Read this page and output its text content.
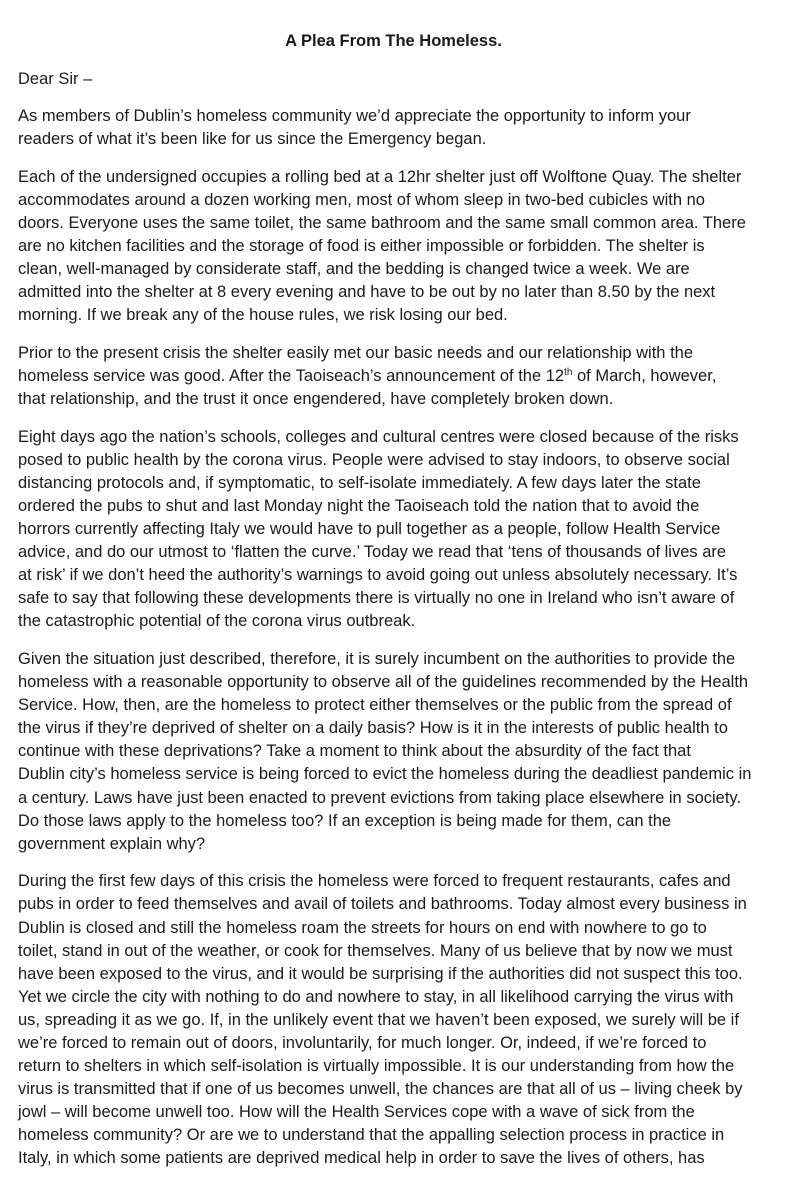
A Plea From The Homeless.
Dear Sir –
As members of Dublin’s homeless community we’d appreciate the opportunity to inform your
readers of what it’s been like for us since the Emergency began.
Each of the undersigned occupies a rolling bed at a 12hr shelter just off Wolftone Quay. The shelter
accommodates around a dozen working men, most of whom sleep in two-bed cubicles with no
doors. Everyone uses the same toilet, the same bathroom and the same small common area. There
are no kitchen facilities and the storage of food is either impossible or forbidden. The shelter is
clean, well-managed by considerate staff, and the bedding is changed twice a week. We are
admitted into the shelter at 8 every evening and have to be out by no later than 8.50 by the next
morning. If we break any of the house rules, we risk losing our bed.
Prior to the present crisis the shelter easily met our basic needs and our relationship with the
homeless service was good. After the Taoiseach’s announcement of the 12th of March, however,
that relationship, and the trust it once engendered, have completely broken down.
Eight days ago the nation’s schools, colleges and cultural centres were closed because of the risks
posed to public health by the corona virus. People were advised to stay indoors, to observe social
distancing protocols and, if symptomatic, to self-isolate immediately. A few days later the state
ordered the pubs to shut and last Monday night the Taoiseach told the nation that to avoid the
horrors currently affecting Italy we would have to pull together as a people, follow Health Service
advice, and do our utmost to ‘flatten the curve.’ Today we read that ‘tens of thousands of lives are
at risk’ if we don’t heed the authority’s warnings to avoid going out unless absolutely necessary. It’s
safe to say that following these developments there is virtually no one in Ireland who isn’t aware of
the catastrophic potential of the corona virus outbreak.
Given the situation just described, therefore, it is surely incumbent on the authorities to provide the
homeless with a reasonable opportunity to observe all of the guidelines recommended by the Health
Service. How, then, are the homeless to protect either themselves or the public from the spread of
the virus if they’re deprived of shelter on a daily basis? How is it in the interests of public health to
continue with these deprivations? Take a moment to think about the absurdity of the fact that
Dublin city’s homeless service is being forced to evict the homeless during the deadliest pandemic in
a century. Laws have just been enacted to prevent evictions from taking place elsewhere in society.
Do those laws apply to the homeless too? If an exception is being made for them, can the
government explain why?
During the first few days of this crisis the homeless were forced to frequent restaurants, cafes and
pubs in order to feed themselves and avail of toilets and bathrooms. Today almost every business in
Dublin is closed and still the homeless roam the streets for hours on end with nowhere to go to
toilet, stand in out of the weather, or cook for themselves. Many of us believe that by now we must
have been exposed to the virus, and it would be surprising if the authorities did not suspect this too.
Yet we circle the city with nothing to do and nowhere to stay, in all likelihood carrying the virus with
us, spreading it as we go. If, in the unlikely event that we haven’t been exposed, we surely will be if
we’re forced to remain out of doors, involuntarily, for much longer. Or, indeed, if we’re forced to
return to shelters in which self-isolation is virtually impossible. It is our understanding from how the
virus is transmitted that if one of us becomes unwell, the chances are that all of us – living cheek by
jowl – will become unwell too. How will the Health Services cope with a wave of sick from the
homeless community? Or are we to understand that the appalling selection process in practice in
Italy, in which some patients are deprived medical help in order to save the lives of others, has
